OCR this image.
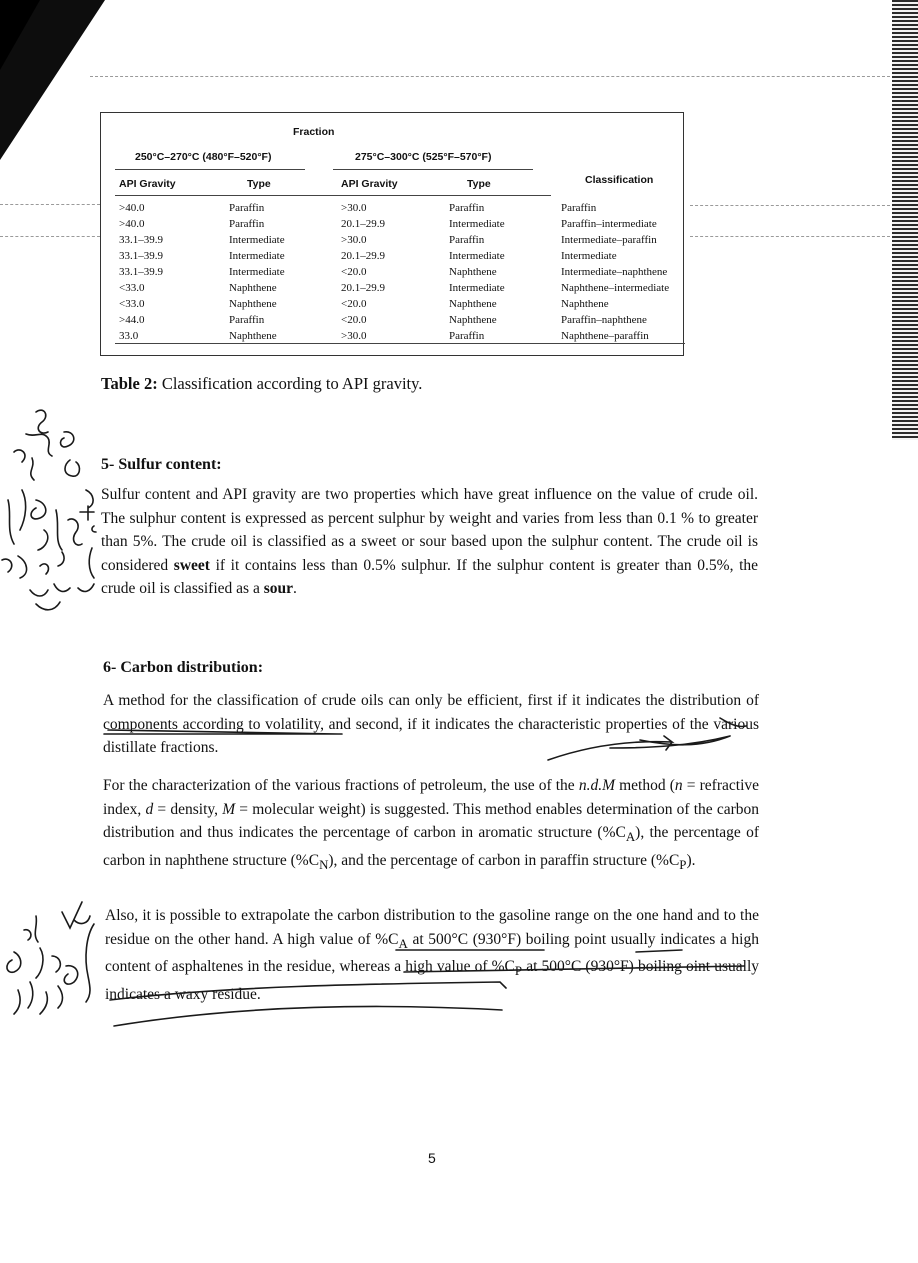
Fraction
250°C–270°C (480°F–520°F)	275°C–300°C (525°F–570°F)
API Gravity	Type	API Gravity	Type	Classification
>40.0	Paraffin	>30.0	Paraffin	Paraffin
>40.0	Paraffin	20.1–29.9	Intermediate	Paraffin–intermediate
33.1–39.9	Intermediate	>30.0	Paraffin	Intermediate–paraffin
33.1–39.9	Intermediate	20.1–29.9	Intermediate	Intermediate
33.1–39.9	Intermediate	<20.0	Naphthene	Intermediate–naphthene
<33.0	Naphthene	20.1–29.9	Intermediate	Naphthene–intermediate
<33.0	Naphthene	<20.0	Naphthene	Naphthene
>44.0	Paraffin	<20.0	Naphthene	Paraffin–naphthene
33.0	Naphthene	>30.0	Paraffin	Naphthene–paraffin
Table 2: Classification according to API gravity.
5- Sulfur content:

Sulfur content and API gravity are two properties which have great influence on the value of crude oil. The sulphur content is expressed as percent sulphur by weight and varies from less than 0.1 % to greater than 5%. The crude oil is classified as a sweet or sour based upon the sulphur content. The crude oil is considered sweet if it contains less than 0.5% sulphur. If the sulphur content is greater than 0.5%, the crude oil is classified as a sour.

6- Carbon distribution:

A method for the classification of crude oils can only be efficient, first if it indicates the distribution of components according to volatility, and second, if it indicates the characteristic properties of the various distillate fractions.

For the characterization of the various fractions of petroleum, the use of the n.d.M method (n = refractive index, d = density, M = molecular weight) is suggested. This method enables determination of the carbon distribution and thus indicates the percentage of carbon in aromatic structure $(\%C_A)$, the percentage of carbon in naphthene structure $(\%C_N)$, and the percentage of carbon in paraffin structure $(\%C_P)$.

Also, it is possible to extrapolate the carbon distribution to the gasoline range on the one hand and to the residue on the other hand. A high value of $\%C_A$ at 500°C (930°F) boiling point usually indicates a high content of asphaltenes in the residue, whereas a high value of $\%C_P$ at 500°C (930°F) boiling oint usually indicates a waxy residue.

5
